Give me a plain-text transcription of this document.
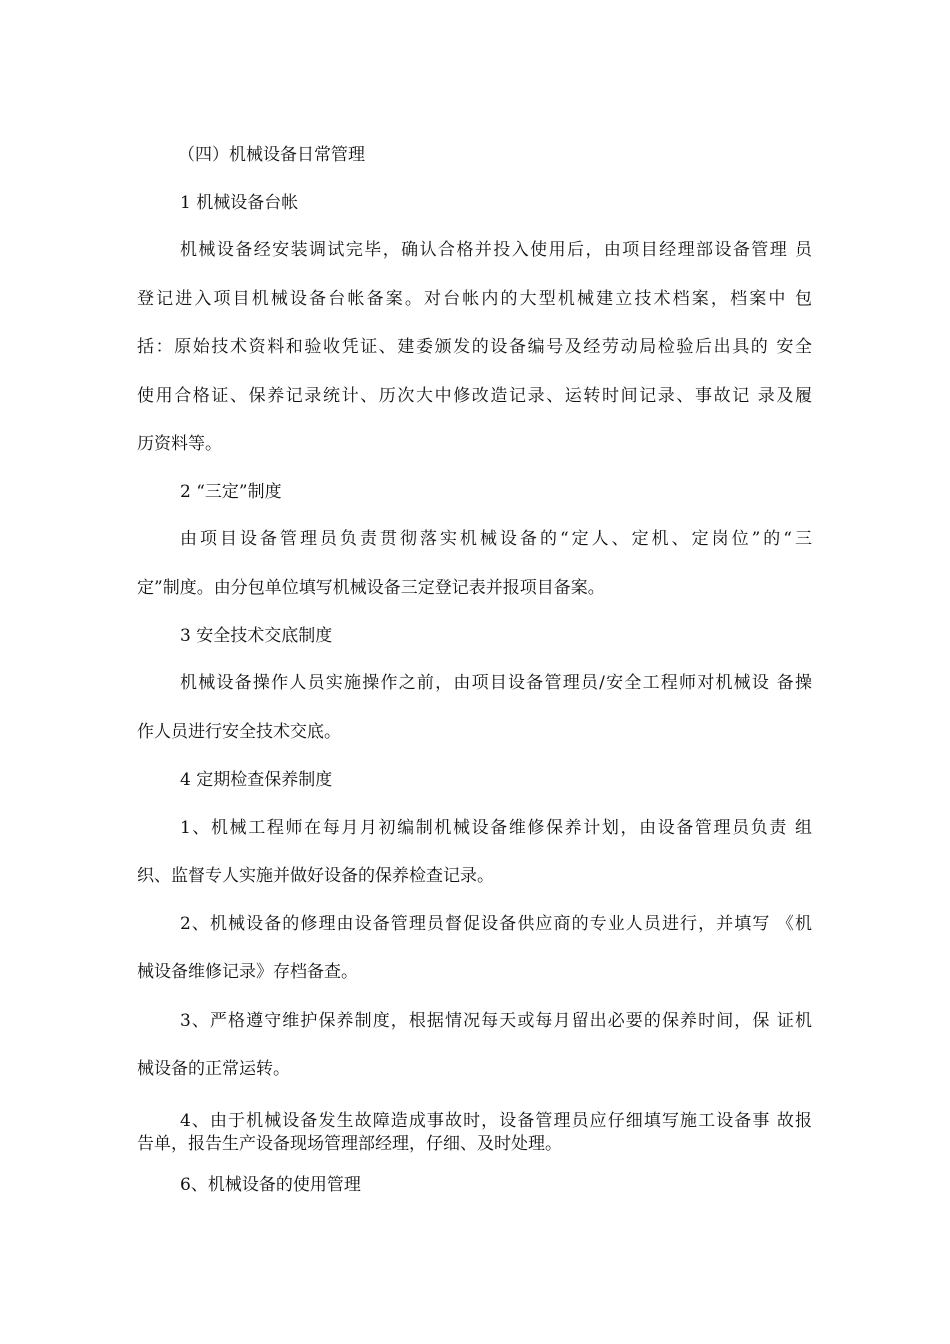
（四）机械设备日常管理
1 机械设备台帐
机械设备经安装调试完毕，确认合格并投入使用后，由项目经理部设备管理 员
登记进入项目机械设备台帐备案。对台帐内的大型机械建立技术档案，档案中 包
括：原始技术资料和验收凭证、建委颁发的设备编号及经劳动局检验后出具的 安全
使用合格证、保养记录统计、历次大中修改造记录、运转时间记录、事故记 录及履
历资料等。
2 “三定”制度
由项目设备管理员负责贯彻落实机械设备的“定人、定机、定岗位”的“三
定”制度。由分包单位填写机械设备三定登记表并报项目备案。
3 安全技术交底制度
机械设备操作人员实施操作之前，由项目设备管理员/安全工程师对机械设 备操
作人员进行安全技术交底。
4 定期检查保养制度
1、机械工程师在每月月初编制机械设备维修保养计划，由设备管理员负责 组
织、监督专人实施并做好设备的保养检查记录。
2、机械设备的修理由设备管理员督促设备供应商的专业人员进行，并填写 《机
械设备维修记录》存档备查。
3、严格遵守维护保养制度，根据情况每天或每月留出必要的保养时间，保 证机
械设备的正常运转。
4、由于机械设备发生故障造成事故时，设备管理员应仔细填写施工设备事 故报
告单，报告生产设备现场管理部经理，仔细、及时处理。
6、机械设备的使用管理
